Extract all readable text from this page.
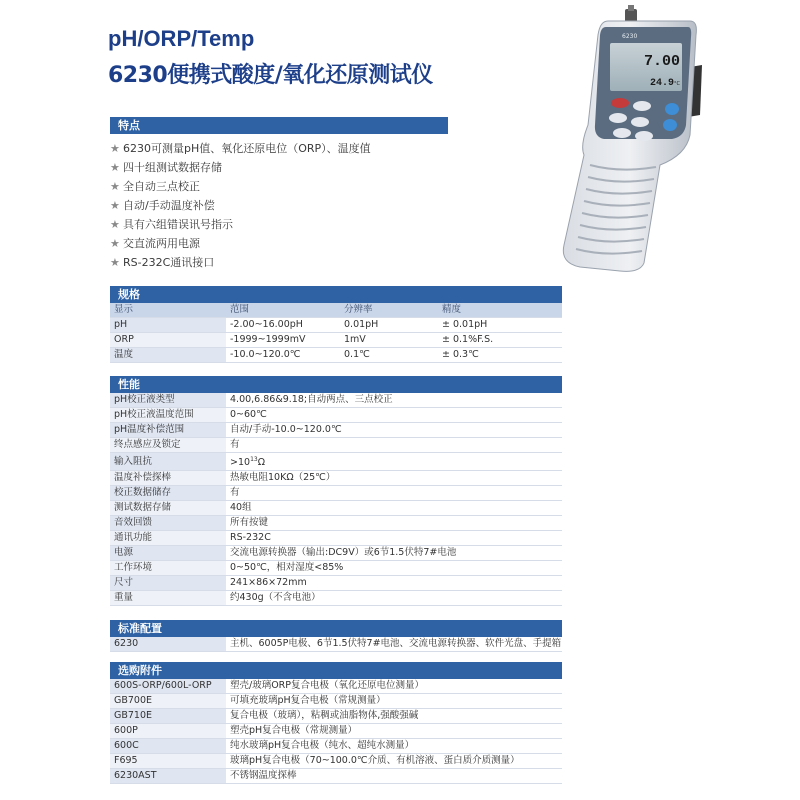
pH/ORP/Temp
6230便携式酸度/氧化还原测试仪
6230
7.00
24.9 °C
特点
★ 6230可测量pH值、氧化还原电位（ORP）、温度值
★ 四十组测试数据存储
★ 全自动三点校正
★ 自动/手动温度补偿
★ 具有六组错误讯号指示
★ 交直流两用电源
★ RS-232C通讯接口
规格
显示	范围	分辨率	精度
pH	-2.00~16.00pH	0.01pH	± 0.01pH
ORP	-1999~1999mV	1mV	± 0.1%F.S.
温度	-10.0~120.0℃	0.1℃	± 0.3℃
性能
pH校正液类型	4.00,6.86&9.18;自动两点、三点校正
pH校正液温度范围	0~60℃
pH温度补偿范围	自动/手动-10.0~120.0℃
终点感应及锁定	有
输入阻抗	$>10^{13}\Omega$
温度补偿探棒	热敏电阻10KΩ（25℃）
校正数据储存	有
测试数据存储	40组
音效回馈	所有按键
通讯功能	RS-232C
电源	交流电源转换器（输出:DC9V）或6节1.5伏特7#电池
工作环境	0~50℃，相对湿度<85%
尺寸	241×86×72mm
重量	约430g（不含电池）
标准配置
6230	主机、6005P电极、6节1.5伏特7#电池、交流电源转换器、软件光盘、手提箱
选购附件
600S-ORP/600L-ORP	塑壳/玻璃ORP复合电极（氧化还原电位测量）
GB700E	可填充玻璃pH复合电极（常规测量）
GB710E	复合电极（玻璃），粘稠或油脂物体,强酸强碱
600P	塑壳pH复合电极（常规测量）
600C	纯水玻璃pH复合电极（纯水、超纯水测量）
F695	玻璃pH复合电极（70~100.0℃介质、有机溶液、蛋白质介质测量）
6230AST	不锈钢温度探棒
